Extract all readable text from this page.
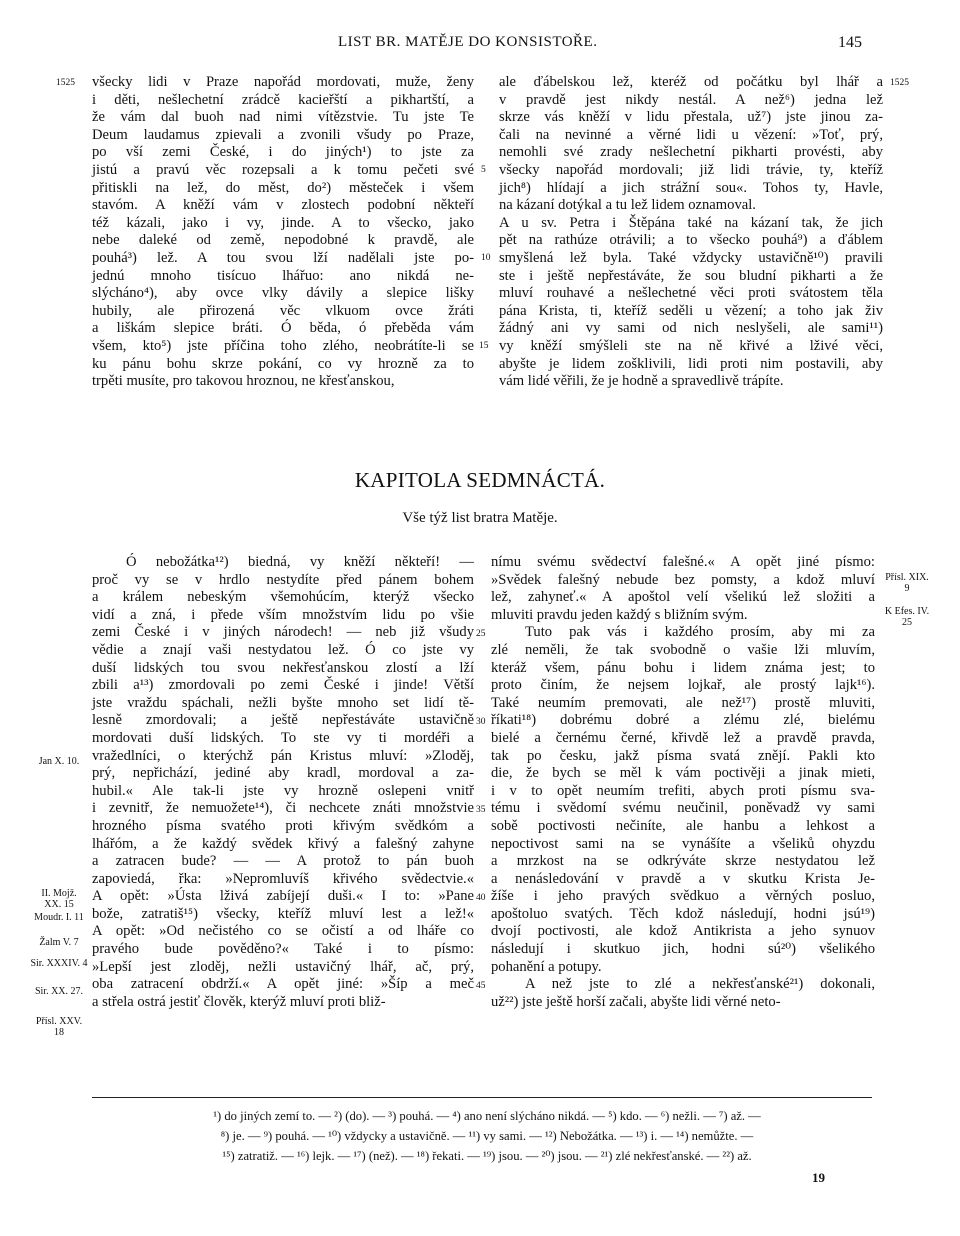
LIST BR. MATĚJE DO KONSISTOŘE.	145
1525	1525
5
10
15
všecky lidi v Praze napořád mordovati, muže, ženy
i děti, nešlechetní zrádcě kacieřští a pikhartští, a
že vám dal buoh nad nimi vítězstvie. Tu jste Te
Deum laudamus zpievali a zvonili všudy po Praze,
po vší zemi České, i do jiných¹) to jste za
jistú a pravú věc rozepsali a k tomu pečeti své
přitiskli na lež, do měst, do²) městeček i všem
stavóm. A kněží vám v zlostech podobní někteří
též kázali, jako i vy, jinde. A to všecko, jako
nebe daleké od země, nepodobné k pravdě, ale
pouhá³) lež. A tou svou lží nadělali jste po-
jednú mnoho tisícuo lhářuo: ano nikdá ne-
slýcháno⁴), aby ovce vlky dávily a slepice lišky
hubily, ale přirozená věc vlkuom ovce žráti
a liškám slepice bráti. Ó běda, ó přeběda vám
všem, kto⁵) jste příčina toho zlého, neobrátíte-li se
ku pánu bohu skrze pokání, co vy hrozně za to
trpěti musíte, pro takovou hroznou, ne křesťanskou,
ale ďábelskou lež, kteréž od počátku byl lhář a
v pravdě jest nikdy nestál. A než⁶) jedna lež
skrze vás kněží v lidu přestala, už⁷) jste jinou za-
čali na nevinné a věrné lidi u vězení: »Toť, prý,
nemohli své zrady nešlechetní pikharti provésti, aby
všecky napořád mordovali; již lidi trávie, ty, kteříž
jich⁸) hlídají a jich strážní sou«. Tohos ty, Havle,
na kázaní dotýkal a tu lež lidem oznamoval.
A u sv. Petra i Štěpána také na kázaní tak, že jich
pět na rathúze otrávili; a to všecko pouhá⁹) a ďáblem
smyšlená lež byla. Také vždycky ustavičně¹⁰) pravili
ste i ještě nepřestáváte, že sou bludní pikharti a že
mluví rouhavé a nešlechetné věci proti svátostem těla
pána Krista, ti, kteříž seděli u vězení; a toho jak živ
žádný ani vy sami od nich neslyšeli, ale sami¹¹)
vy kněží smýšleli ste na ně křivé a lživé věci,
abyšte je lidem zošklivili, lidi proti nim postavili, aby
vám lidé věřili, že je hodně a spravedlivě trápíte.
KAPITOLA SEDMNÁCTÁ.
Vše týž list bratra Matěje.
Ó nebožátka¹²) biedná, vy kněží někteří! —
proč vy se v hrdlo nestydíte před pánem bohem
a králem nebeským všemohúcím, kterýž všecko
vidí a zná, i přede vším množstvím lidu po všie
zemi České i v jiných národech! — neb již všudy
vědie a znají vaši nestydatou lež. Ó co jste vy
duší lidských tou svou nekřesťanskou zlostí a lží
zbili a¹³) zmordovali po zemi České i jinde! Větší
jste vraždu spáchali, nežli byšte mnoho set lidí tě-
lesně zmordovali; a ještě nepřestáváte ustavičně
mordovati duší lidských. To ste vy ti mordéři a
vražedlníci, o kterýchž pán Kristus mluví: »Zloděj,
prý, nepřichází, jediné aby kradl, mordoval a za-
hubil.« Ale tak-li jste vy hrozně oslepeni vnitř
i zevnitř, že nemuožete¹⁴), či nechcete znáti množstvie
hrozného písma svatého proti křivým svědkóm a
lhářóm, a že každý svědek křivý a falešný zahyne
a zatracen bude? — — A protož to pán buoh
zapoviedá, řka: »Nepromluvíš křivého svědectvie.«
A opět: »Ústa lživá zabíjejí duši.« I to: »Pane
bože, zatratiš¹⁵) všecky, kteříž mluví lest a lež!«
A opět: »Od nečistého co se očistí a od lháře co
pravého bude pověděno?« Také i to písmo:
»Lepší jest zloděj, nežli ustavičný lhář, ač, prý,
oba zatracení obdrží.« A opět jiné: »Šíp a meč
a střela ostrá jestiť člověk, kterýž mluví proti bliž-
nímu svému svědectví falešné.« A opět jiné písmo:
»Svědek falešný nebude bez pomsty, a kdož mluví
lež, zahyneť.« A apoštol velí všelikú lež složiti a
mluviti pravdu jeden každý s bližním svým.
Tuto pak vás i každého prosím, aby mi za
zlé neměli, že tak svobodně o vašie lži mluvím,
kteráž všem, pánu bohu i lidem známa jest; to
proto činím, že nejsem lojkař, ale prostý lajk¹⁶).
Také neumím premovati, ale než¹⁷) prostě mluviti,
říkati¹⁸) dobrému dobré a zlému zlé, bielému
bielé a černému černé, křivdě lež a pravdě pravda,
tak po česku, jakž písma svatá znějí. Pakli kto
die, že bych se měl k vám poctivěji a jinak mieti,
i v to opět neumím trefiti, abych proti písmu sva-
tému i svědomí svému neučinil, poněvadž vy sami
sobě poctivosti nečiníte, ale hanbu a lehkost a
nepoctivost sami na se vynášíte a všeliků ohyzdu
a mrzkost na se odkrýváte skrze nestydatou lež
a nenásledování v pravdě a v skutku Krista Je-
žíše i jeho pravých svědkuo a věrných posluo,
apoštoluo svatých. Těch kdož následují, hodni jsú¹⁹)
dvojí poctivosti, ale kdož Antikrista a jeho synuov
následují i skutkuo jich, hodni sú²⁰) všelikého
pohanění a potupy.
A než jste to zlé a nekřesťanské²¹) dokonali,
už²²) jste ještě horší začali, abyšte lidi věrné neto-
25
30
35
40
45
Jan X. 10.
II. Mojž. XX. 15
Moudr. I. 11
Žalm V. 7
Sir. XXXIV. 4
Sir. XX. 27.
Přísl. XXV. 18
Přísl. XIX. 9
K Efes. IV. 25
¹) do jiných zemí to. — ²) (do). — ³) pouhá. — ⁴) ano není slýcháno nikdá. — ⁵) kdo. — ⁶) nežli. — ⁷) až. —
⁸) je. — ⁹) pouhá. — ¹⁰) vždycky a ustavičně. — ¹¹) vy sami. — ¹²) Nebožátka. — ¹³) i. — ¹⁴) nemůžte. —
¹⁵) zatratiž. — ¹⁶) lejk. — ¹⁷) (než). — ¹⁸) řekati. — ¹⁹) jsou. — ²⁰) jsou. — ²¹) zlé nekřesťanské. — ²²) až.
19
